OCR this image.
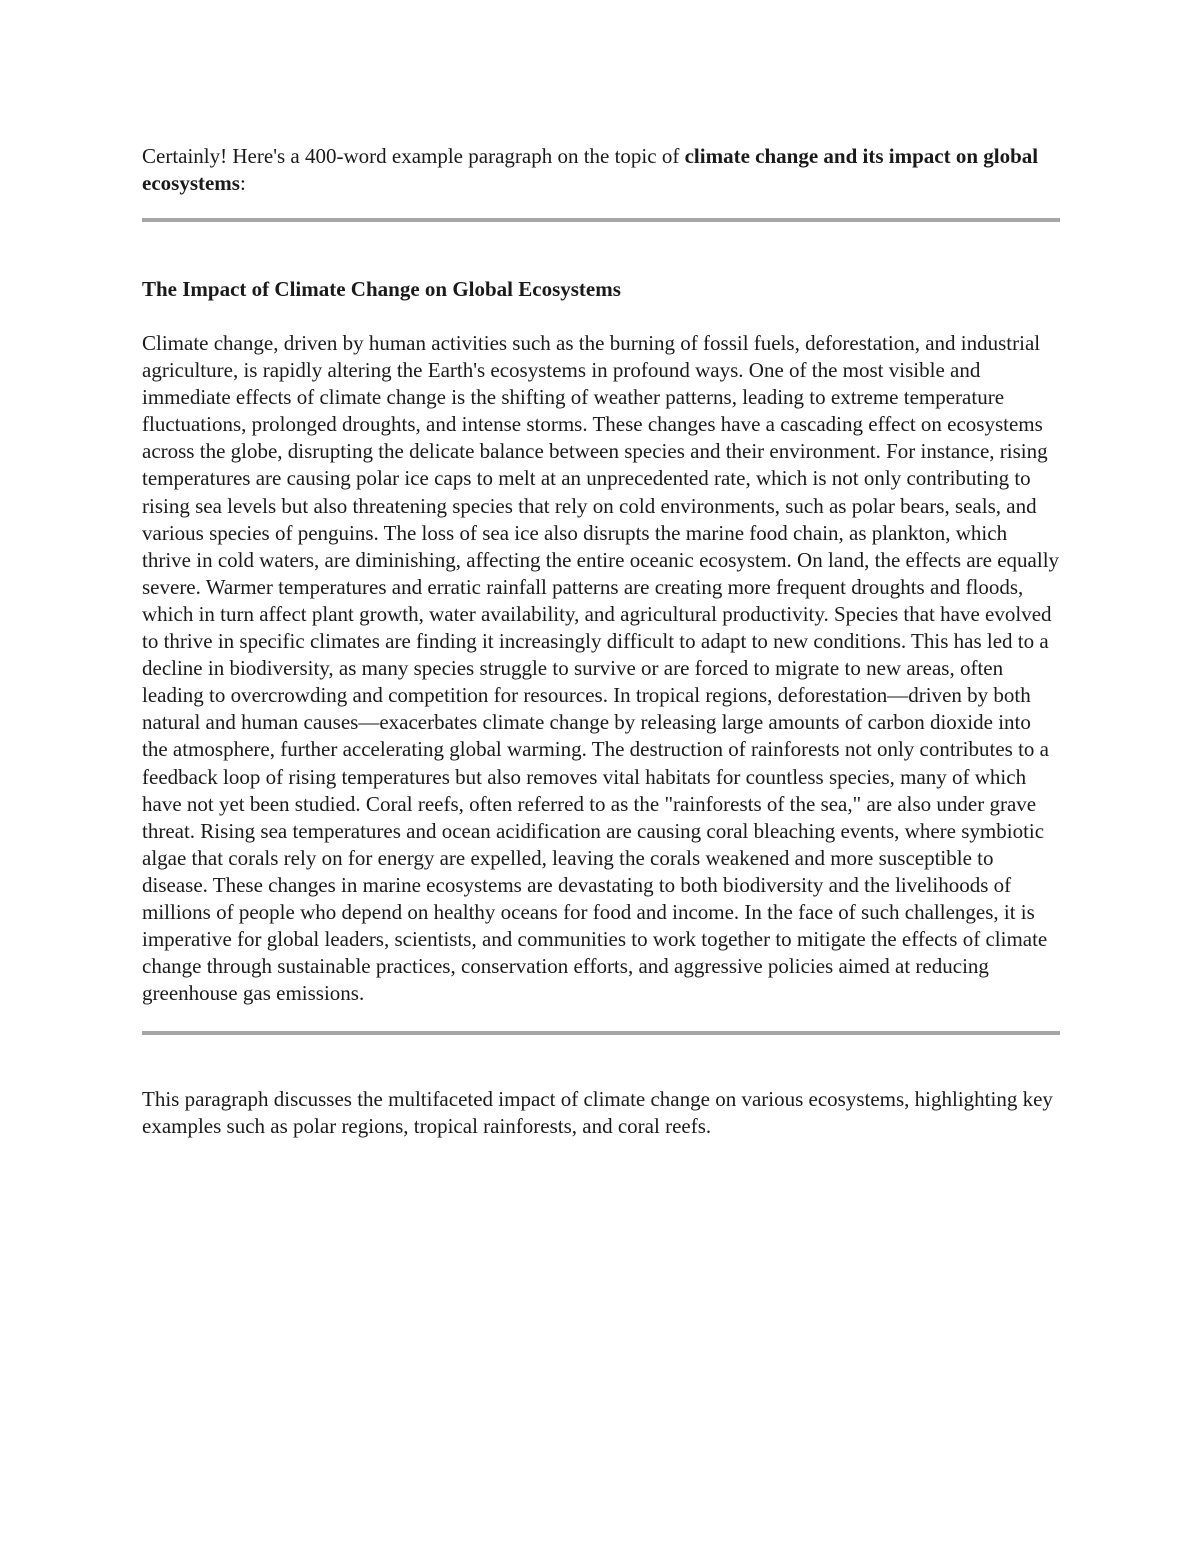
Certainly! Here's a 400-word example paragraph on the topic of climate change and its impact on global ecosystems:

The Impact of Climate Change on Global Ecosystems

Climate change, driven by human activities such as the burning of fossil fuels, deforestation, and industrial agriculture, is rapidly altering the Earth's ecosystems in profound ways. One of the most visible and immediate effects of climate change is the shifting of weather patterns, leading to extreme temperature fluctuations, prolonged droughts, and intense storms. These changes have a cascading effect on ecosystems across the globe, disrupting the delicate balance between species and their environment. For instance, rising temperatures are causing polar ice caps to melt at an unprecedented rate, which is not only contributing to rising sea levels but also threatening species that rely on cold environments, such as polar bears, seals, and various species of penguins. The loss of sea ice also disrupts the marine food chain, as plankton, which thrive in cold waters, are diminishing, affecting the entire oceanic ecosystem. On land, the effects are equally severe. Warmer temperatures and erratic rainfall patterns are creating more frequent droughts and floods, which in turn affect plant growth, water availability, and agricultural productivity. Species that have evolved to thrive in specific climates are finding it increasingly difficult to adapt to new conditions. This has led to a decline in biodiversity, as many species struggle to survive or are forced to migrate to new areas, often leading to overcrowding and competition for resources. In tropical regions, deforestation—driven by both natural and human causes—exacerbates climate change by releasing large amounts of carbon dioxide into the atmosphere, further accelerating global warming. The destruction of rainforests not only contributes to a feedback loop of rising temperatures but also removes vital habitats for countless species, many of which have not yet been studied. Coral reefs, often referred to as the "rainforests of the sea," are also under grave threat. Rising sea temperatures and ocean acidification are causing coral bleaching events, where symbiotic algae that corals rely on for energy are expelled, leaving the corals weakened and more susceptible to disease. These changes in marine ecosystems are devastating to both biodiversity and the livelihoods of millions of people who depend on healthy oceans for food and income. In the face of such challenges, it is imperative for global leaders, scientists, and communities to work together to mitigate the effects of climate change through sustainable practices, conservation efforts, and aggressive policies aimed at reducing greenhouse gas emissions.

This paragraph discusses the multifaceted impact of climate change on various ecosystems, highlighting key examples such as polar regions, tropical rainforests, and coral reefs.
